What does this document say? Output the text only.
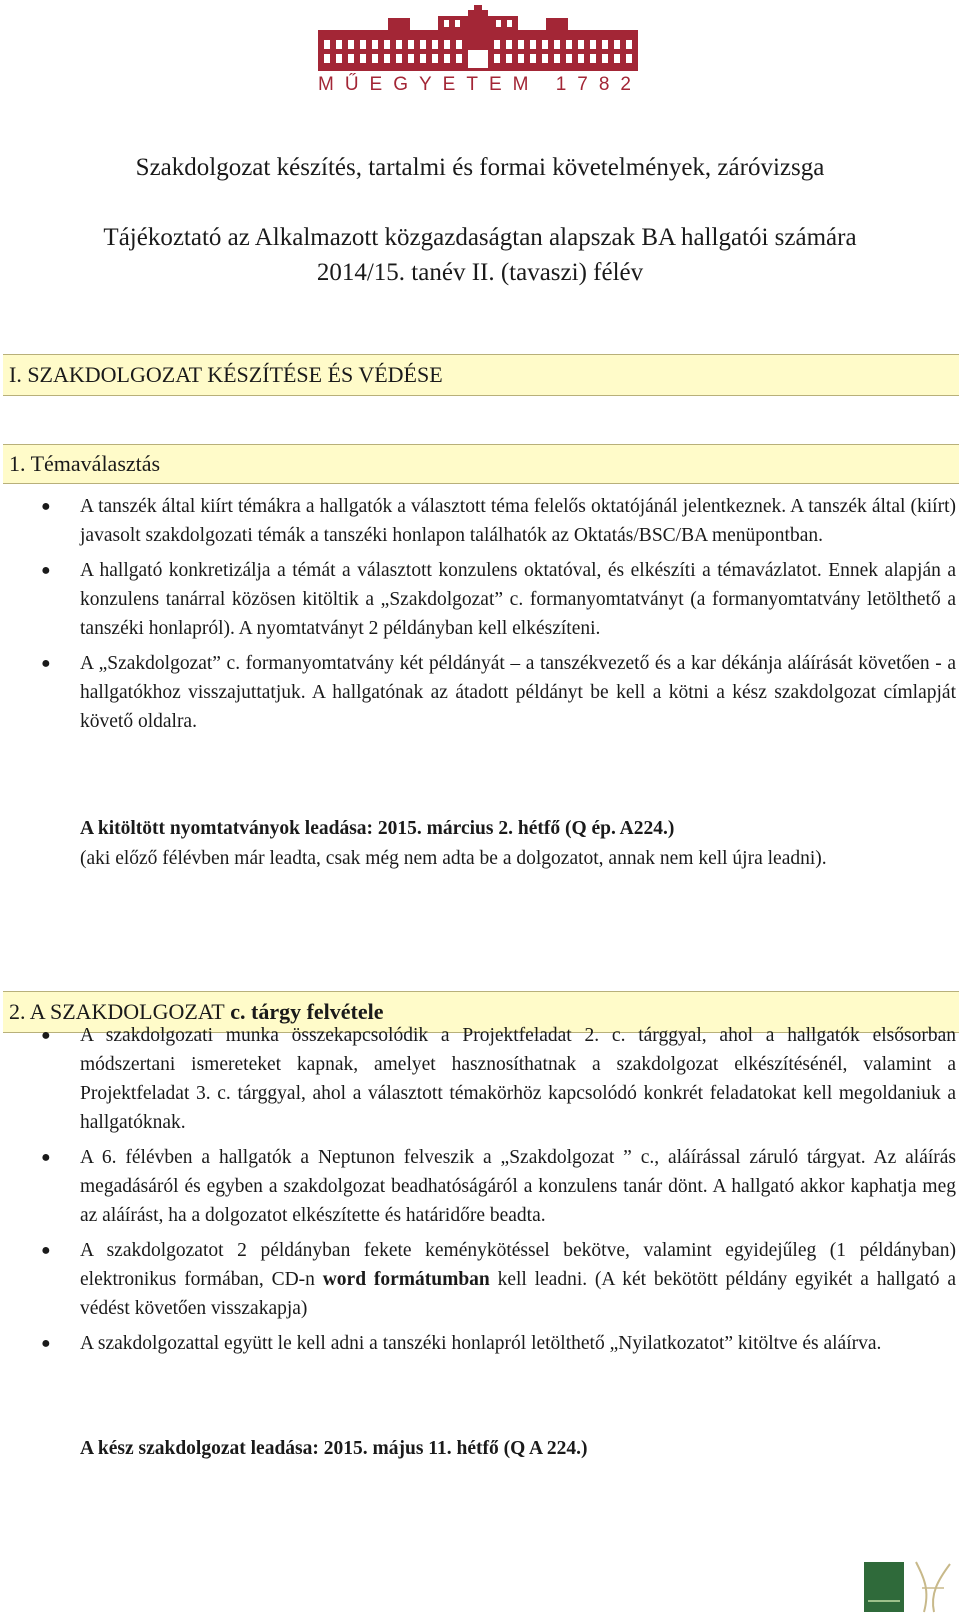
MŰEGYETEM 1782
Szakdolgozat készítés, tartalmi és formai követelmények, záróvizsga
Tájékoztató az Alkalmazott közgazdaságtan alapszak BA hallgatói számára
2014/15. tanév II. (tavaszi) félév
I. SZAKDOLGOZAT KÉSZÍTÉSE ÉS VÉDÉSE
1. Témaválasztás
● A tanszék által kiírt témákra a hallgatók a választott téma felelős oktatójánál jelentkeznek. A tanszék által (kiírt) javasolt szakdolgozati témák a tanszéki honlapon találhatók az Oktatás/BSC/BA menüpontban.
● A hallgató konkretizálja a témát a választott konzulens oktatóval, és elkészíti a témavázlatot. Ennek alapján a konzulens tanárral közösen kitöltik a „Szakdolgozat” c. formanyomtatványt (a formanyomtatvány letölthető a tanszéki honlapról). A nyomtatványt 2 példányban kell elkészíteni.
● A „Szakdolgozat” c. formanyomtatvány két példányát – a tanszékvezető és a kar dékánja aláírását követően - a hallgatókhoz visszajuttatjuk. A hallgatónak az átadott példányt be kell a kötni a kész szakdolgozat címlapját követő oldalra.
A kitöltött nyomtatványok leadása: 2015. március 2. hétfő (Q ép. A224.)
(aki előző félévben már leadta, csak még nem adta be a dolgozatot, annak nem kell újra leadni).
2. A SZAKDOLGOZAT c. tárgy felvétele
● A szakdolgozati munka összekapcsolódik a Projektfeladat 2. c. tárggyal, ahol a hallgatók elsősorban módszertani ismereteket kapnak, amelyet hasznosíthatnak a szakdolgozat elkészítésénél, valamint a Projektfeladat 3. c. tárggyal, ahol a választott témakörhöz kapcsolódó konkrét feladatokat kell megoldaniuk a hallgatóknak.
● A 6. félévben a hallgatók a Neptunon felveszik a „Szakdolgozat ” c., aláírással záruló tárgyat. Az aláírás megadásáról és egyben a szakdolgozat beadhatóságáról a konzulens tanár dönt. A hallgató akkor kaphatja meg az aláírást, ha a dolgozatot elkészítette és határidőre beadta.
● A szakdolgozatot 2 példányban fekete keménykötéssel bekötve, valamint egyidejűleg (1 példányban) elektronikus formában, CD-n word formátumban kell leadni. (A két bekötött példány egyikét a hallgató a védést követően visszakapja)
● A szakdolgozattal együtt le kell adni a tanszéki honlapról letölthető „Nyilatkozatot” kitöltve és aláírva.
A kész szakdolgozat leadása: 2015. május 11. hétfő (Q A 224.)
